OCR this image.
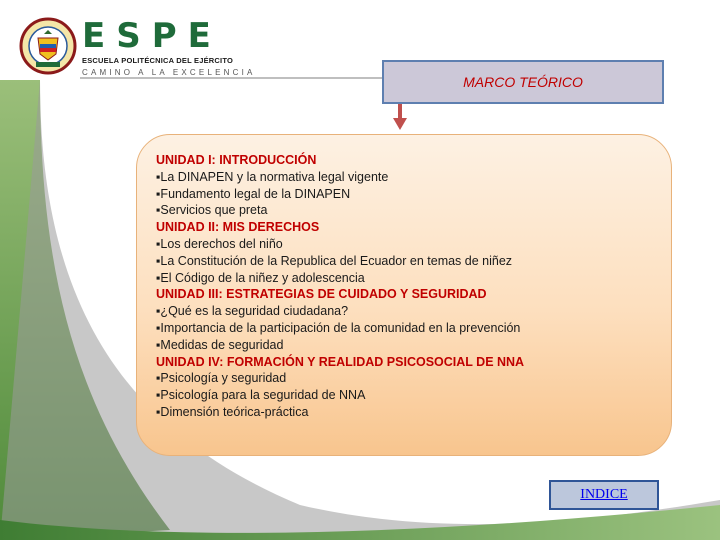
ESPE
ESCUELA POLITÉCNICA DEL EJÉRCITO
CAMINO A LA EXCELENCIA
MARCO TEÓRICO
UNIDAD I: INTRODUCCIÓN
▪La DINAPEN y la normativa legal vigente
▪Fundamento legal de la DINAPEN
▪Servicios que preta
UNIDAD II: MIS DERECHOS
▪Los derechos del niño
▪La Constitución de la Republica del Ecuador en temas de niñez
▪El Código de la niñez y adolescencia
UNIDAD III: ESTRATEGIAS DE CUIDADO Y SEGURIDAD
▪¿Qué es la seguridad ciudadana?
▪Importancia de la participación de la comunidad en la prevención
▪Medidas de seguridad
UNIDAD IV: FORMACIÓN Y REALIDAD PSICOSOCIAL DE NNA
▪Psicología y seguridad
▪Psicología para la seguridad de NNA
▪Dimensión teórica-práctica
INDICE
